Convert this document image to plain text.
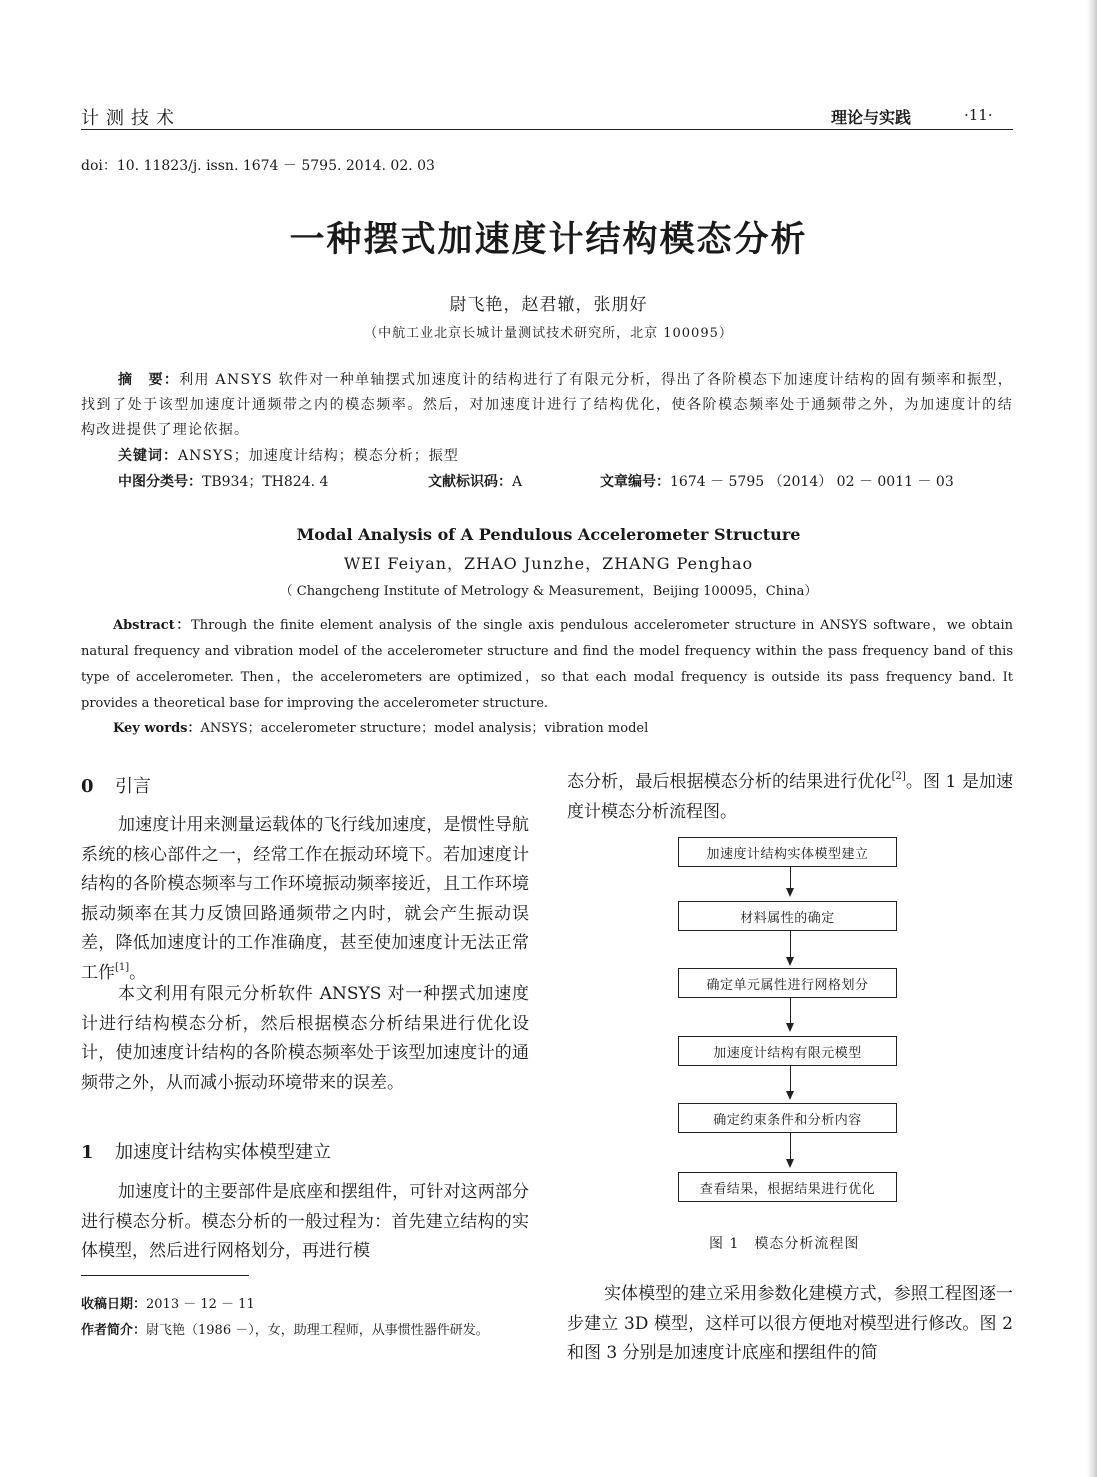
计测技术	理论与实践	·11·
doi：10. 11823/j. issn. 1674 － 5795. 2014. 02. 03
一种摆式加速度计结构模态分析
尉飞艳，赵君辙，张朋好
（中航工业北京长城计量测试技术研究所，北京 100095）

摘　要：利用 ANSYS 软件对一种单轴摆式加速度计的结构进行了有限元分析，得出了各阶模态下加速度计结构的固有频率和振型，找到了处于该型加速度计通频带之内的模态频率。然后，对加速度计进行了结构优化，使各阶模态频率处于通频带之外，为加速度计的结构改进提供了理论依据。

关键词：ANSYS；加速度计结构；模态分析；振型
中图分类号：TB934；TH824. 4	文献标识码：A	文章编号：1674 － 5795 （2014） 02 － 0011 － 03
Modal Analysis of A Pendulous Accelerometer Structure
WEI Feiyan，ZHAO Junzhe，ZHANG Penghao
（ Changcheng Institute of Metrology & Measurement，Beijing 100095，China）

Abstract：Through the finite element analysis of the single axis pendulous accelerometer structure in ANSYS software，we obtain natural frequency and vibration model of the accelerometer structure and find the model frequency within the pass frequency band of this type of accelerometer. Then，the accelerometers are optimized，so that each modal frequency is outside its pass frequency band. It provides a theoretical base for improving the accelerometer structure.

Key words：ANSYS；accelerometer structure；model analysis；vibration model
0 引言

加速度计用来测量运载体的飞行线加速度，是惯性导航系统的核心部件之一，经常工作在振动环境下。若加速度计结构的各阶模态频率与工作环境振动频率接近，且工作环境振动频率在其力反馈回路通频带之内时，就会产生振动误差，降低加速度计的工作准确度，甚至使加速度计无法正常工作[1]。

本文利用有限元分析软件 ANSYS 对一种摆式加速度计进行结构模态分析，然后根据模态分析结果进行优化设计，使加速度计结构的各阶模态频率处于该型加速度计的通频带之外，从而减小振动环境带来的误差。

1 加速度计结构实体模型建立

加速度计的主要部件是底座和摆组件，可针对这两部分进行模态分析。模态分析的一般过程为：首先建立结构的实体模型，然后进行网格划分，再进行模

收稿日期：2013 － 12 － 11

作者简介：尉飞艳（1986 －），女，助理工程师，从事惯性器件研发。

态分析，最后根据模态分析的结果进行优化[2]。图 1 是加速度计模态分析流程图。

加速度计结构实体模型建立
材料属性的确定
确定单元属性进行网格划分
加速度计结构有限元模型
确定约束条件和分析内容
查看结果，根据结果进行优化
图 1　模态分析流程图

实体模型的建立采用参数化建模方式，参照工程图逐一步建立 3D 模型，这样可以很方便地对模型进行修改。图 2 和图 3 分别是加速度计底座和摆组件的简
